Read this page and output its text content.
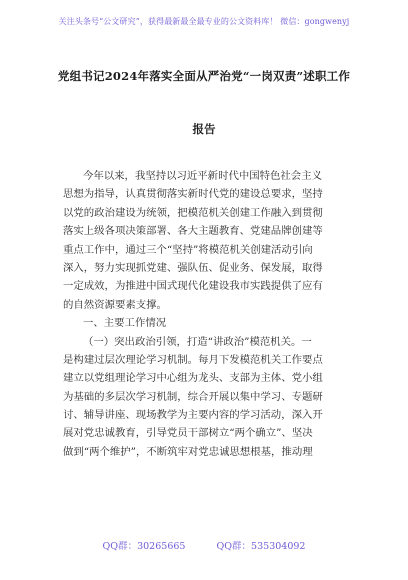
关注头条号“公文研究”，获得最新最全最专业的公文资料库！ 微信：gongwenyj
党组书记2024年落实全面从严治党“一岗双责”述职工作
报告
今年以来，我坚持以习近平新时代中国特色社会主义
思想为指导，认真贯彻落实新时代党的建设总要求，坚持
以党的政治建设为统领，把模范机关创建工作融入到贯彻
落实上级各项决策部署、各大主题教育、党建品牌创建等
重点工作中，通过三个“坚持”将模范机关创建活动引向
深入，努力实现抓党建、强队伍、促业务、保发展，取得
一定成效，为推进中国式现代化建设我市实践提供了应有
的自然资源要素支撑。
一、主要工作情况
（一）突出政治引领，打造“讲政治”模范机关。一
是构建过层次理论学习机制。每月下发模范机关工作要点
建立以党组理论学习中心组为龙头、支部为主体、党小组
为基础的多层次学习机制，综合开展以集中学习、专题研
讨、辅导讲座、现场教学为主要内容的学习活动，深入开
展对党忠诚教育，引导党员干部树立“两个确立”、坚决
做到“两个维护”，不断筑牢对党忠诚思想根基，推动理
QQ群：30265665	QQ群：535304092
